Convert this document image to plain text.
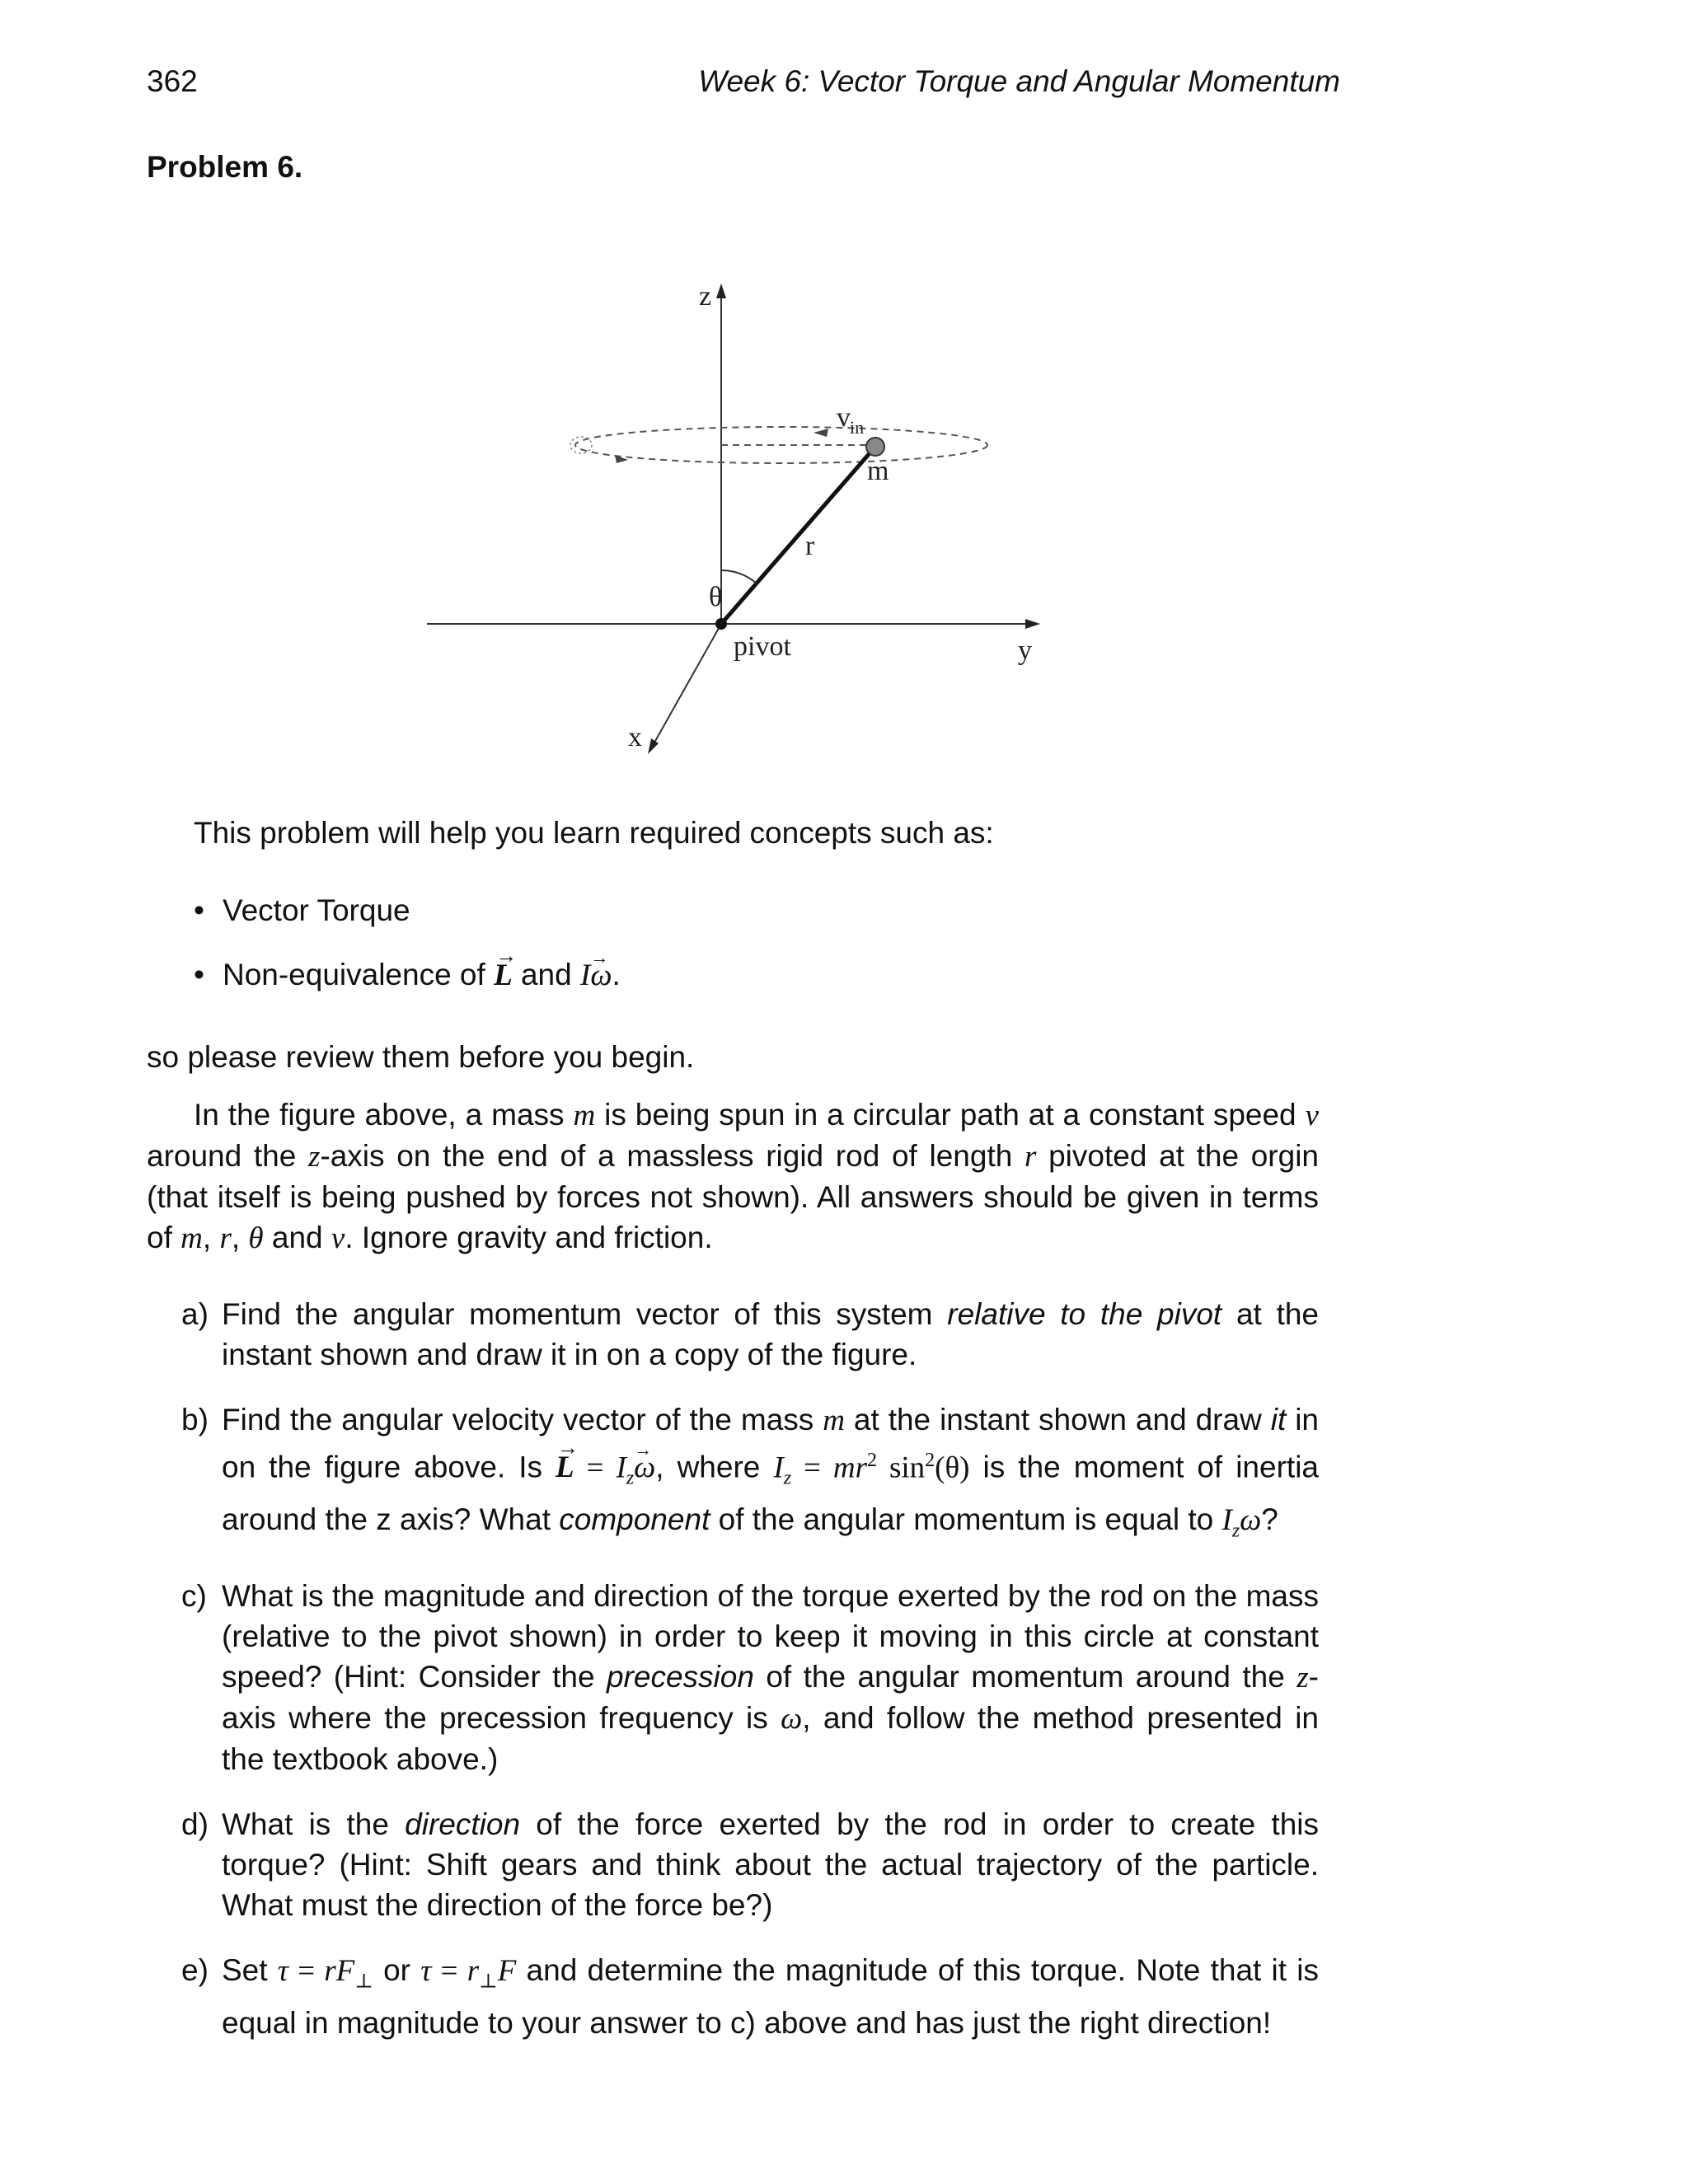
362	Week 6: Vector Torque and Angular Momentum
Problem 6.
z
y
x
θ
r
m
v in
pivot
This problem will help you learn required concepts such as:
• Vector Torque
• Non-equivalence of L → and Iω →.
so please review them before you begin.

In the figure above, a mass m is being spun in a circular path at a constant speed v around the z-axis on the end of a massless rigid rod of length r pivoted at the orgin (that itself is being pushed by forces not shown). All answers should be given in terms of m, r, θ and v. Ignore gravity and friction.

a) Find the angular momentum vector of this system relative to the pivot at the instant shown and draw it in on a copy of the figure.
b) Find the angular velocity vector of the mass m at the instant shown and draw it in on the figure above. Is L → = $I_z\omega$ →, where $I_z = mr^2$ $\sin^2(\theta)$ is the moment of inertia around the z axis? What component of the angular momentum is equal to $I_z\omega$?
c) What is the magnitude and direction of the torque exerted by the rod on the mass (relative to the pivot shown) in order to keep it moving in this circle at constant speed? (Hint: Consider the precession of the angular momentum around the z-axis where the precession frequency is ω, and follow the method presented in the textbook above.)
d) What is the direction of the force exerted by the rod in order to create this torque? (Hint: Shift gears and think about the actual trajectory of the particle. What must the direction of the force be?)
e) Set $\tau = rF_\perp$ or $\tau = r_\perp F$ and determine the magnitude of this torque. Note that it is equal in magnitude to your answer to c) above and has just the right direction!
